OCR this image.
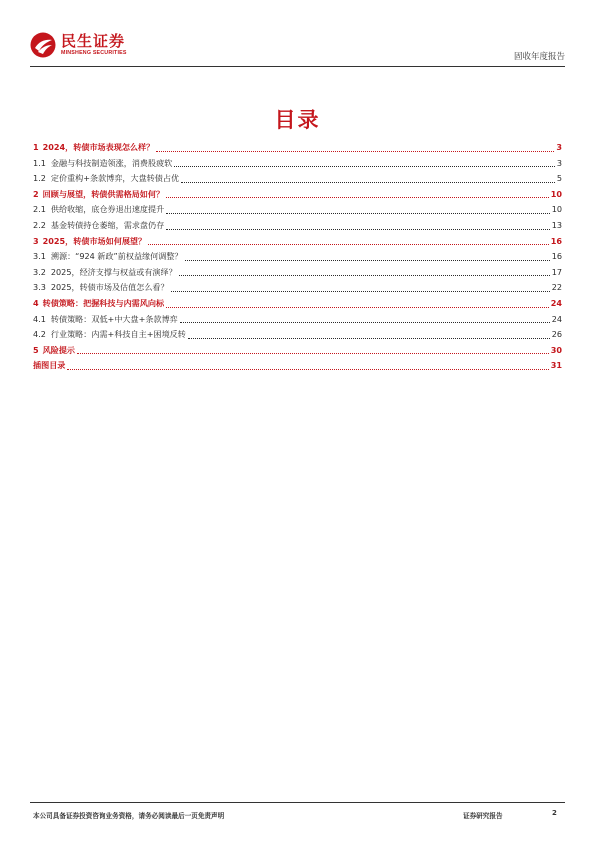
民生证券
MINSHENG SECURITIES	固收年度报告
目录
1 2024，转债市场表现怎么样？	3
1.1 金融与科技制造领涨，消费股疲软	3
1.2 定价重构+条款博弈，大盘转债占优	5
2 回顾与展望，转债供需格局如何？	10
2.1 供给收缩，底仓券退出速度提升	10
2.2 基金转债持仓萎缩，需求盘仍存	13
3 2025，转债市场如何展望？	16
3.1 溯源：“924 新政”前权益缘何调整？	16
3.2 2025，经济支撑与权益或有演绎？	17
3.3 2025，转债市场及估值怎么看？	22
4 转债策略：把握科技与内需风向标	24
4.1 转债策略：双低+中大盘+条款博弈	24
4.2 行业策略：内需+科技自主+困境反转	26
5 风险提示	30
插图目录	31
本公司具备证券投资咨询业务资格，请务必阅读最后一页免责声明	证券研究报告	2
